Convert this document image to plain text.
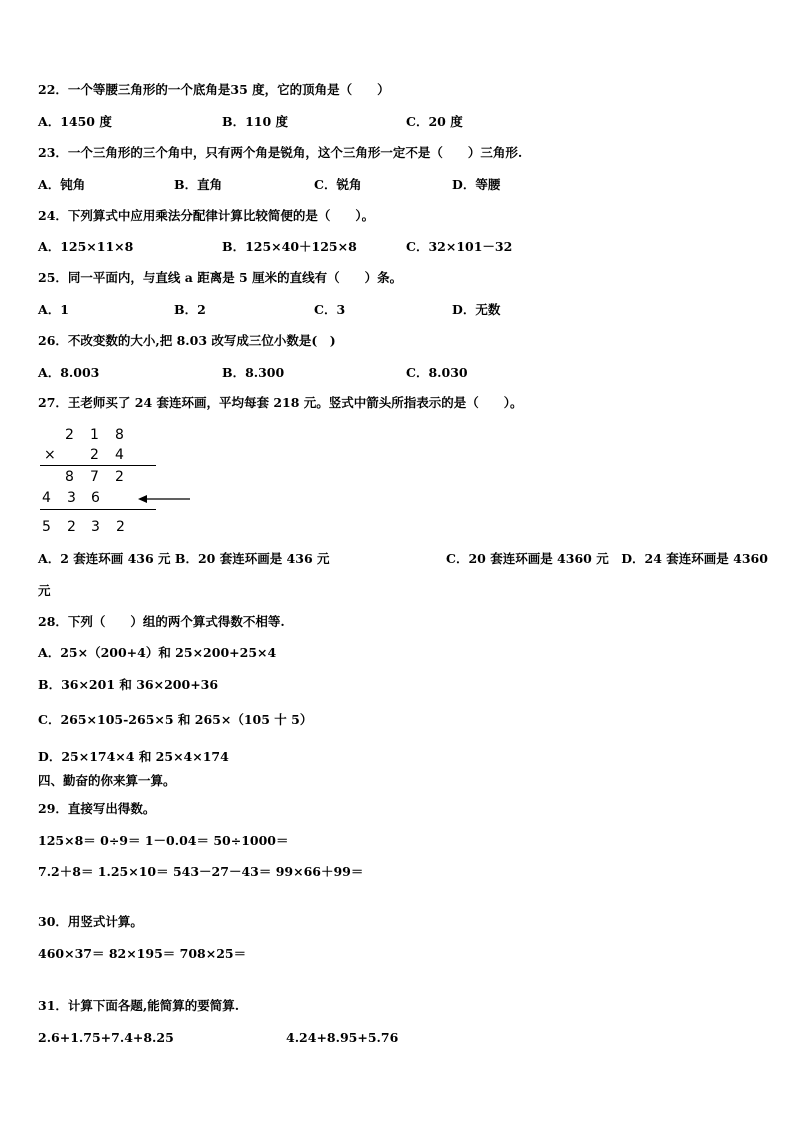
22．一个等腰三角形的一个底角是35 度，它的顶角是（　　）
A．1450 度	B．110 度	C．20 度
23．一个三角形的三个角中，只有两个角是锐角，这个三角形一定不是（　　）三角形.
A．钝角	B．直角	C．锐角	D．等腰
24．下列算式中应用乘法分配律计算比较简便的是（　　）。
A．125×11×8	B．125×40＋125×8	C．32×101－32
25．同一平面内，与直线 a 距离是 5 厘米的直线有（　　）条。
A．1	B．2	C．3	D．无数
26．不改变数的大小,把 8.03 改写成三位小数是(　)
A．8.003	B．8.300	C．8.030
27．王老师买了 24 套连环画，平均每套 218 元。竖式中箭头所指表示的是（　　）。
2 1 8
× 2 4
8 7 2
4 3 6
5 2 3 2
A．2 套连环画 436 元 B．20 套连环画是 436 元	C．20 套连环画是 4360 元　D．24 套连环画是 4360
元
28．下列（　　）组的两个算式得数不相等.
A．25×（200+4）和 25×200+25×4
B．36×201 和 36×200+36
C．265×105-265×5 和 265×（105 十 5）
D．25×174×4 和 25×4×174
四、勤奋的你来算一算。
29．直接写出得数。
125×8＝ 0÷9＝ 1－0.04＝ 50÷1000＝
7.2＋8＝ 1.25×10＝ 543－27－43＝ 99×66＋99＝
30．用竖式计算。
460×37＝ 82×195＝ 708×25＝
31．计算下面各题,能简算的要简算.
2.6+1.75+7.4+8.25	4.24+8.95+5.76
